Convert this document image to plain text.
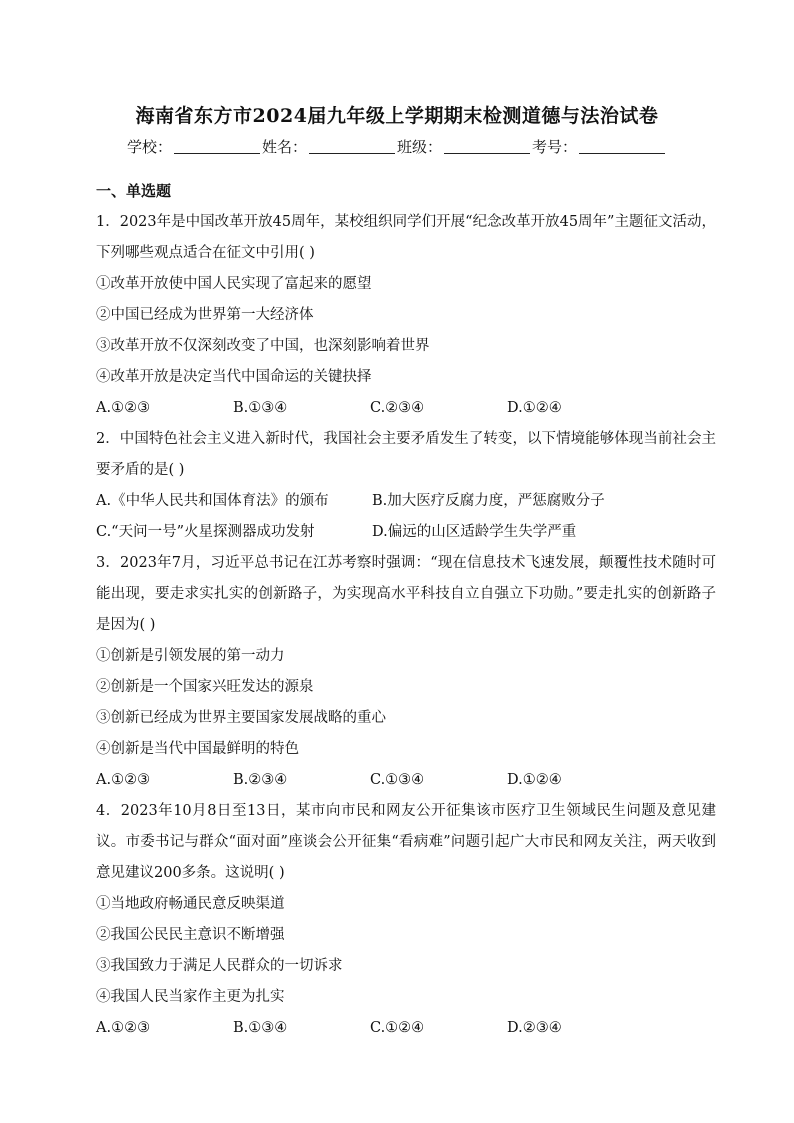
海南省东方市2024届九年级上学期期末检测道德与法治试卷
学校：	姓名：	班级：	考号：
一、单选题
1．2023年是中国改革开放45周年，某校组织同学们开展“纪念改革开放45周年”主题征文活动，下列哪些观点适合在征文中引用( )
①改革开放使中国人民实现了富起来的愿望
②中国已经成为世界第一大经济体
③改革开放不仅深刻改变了中国，也深刻影响着世界
④改革开放是决定当代中国命运的关键抉择
A.①②③	B.①③④	C.②③④	D.①②④
2．中国特色社会主义进入新时代，我国社会主要矛盾发生了转变，以下情境能够体现当前社会主要矛盾的是( )
A.《中华人民共和国体育法》的颁布	B.加大医疗反腐力度，严惩腐败分子
C.“天问一号”火星探测器成功发射	D.偏远的山区适龄学生失学严重
3．2023年7月，习近平总书记在江苏考察时强调：“现在信息技术飞速发展，颠覆性技术随时可能出现，要走求实扎实的创新路子，为实现高水平科技自立自强立下功勋。”要走扎实的创新路子是因为( )
①创新是引领发展的第一动力
②创新是一个国家兴旺发达的源泉
③创新已经成为世界主要国家发展战略的重心
④创新是当代中国最鲜明的特色
A.①②③	B.②③④	C.①③④	D.①②④
4．2023年10月8日至13日，某市向市民和网友公开征集该市医疗卫生领域民生问题及意见建议。市委书记与群众“面对面”座谈会公开征集“看病难”问题引起广大市民和网友关注，两天收到意见建议200多条。这说明( )
①当地政府畅通民意反映渠道
②我国公民民主意识不断增强
③我国致力于满足人民群众的一切诉求
④我国人民当家作主更为扎实
A.①②③	B.①③④	C.①②④	D.②③④
